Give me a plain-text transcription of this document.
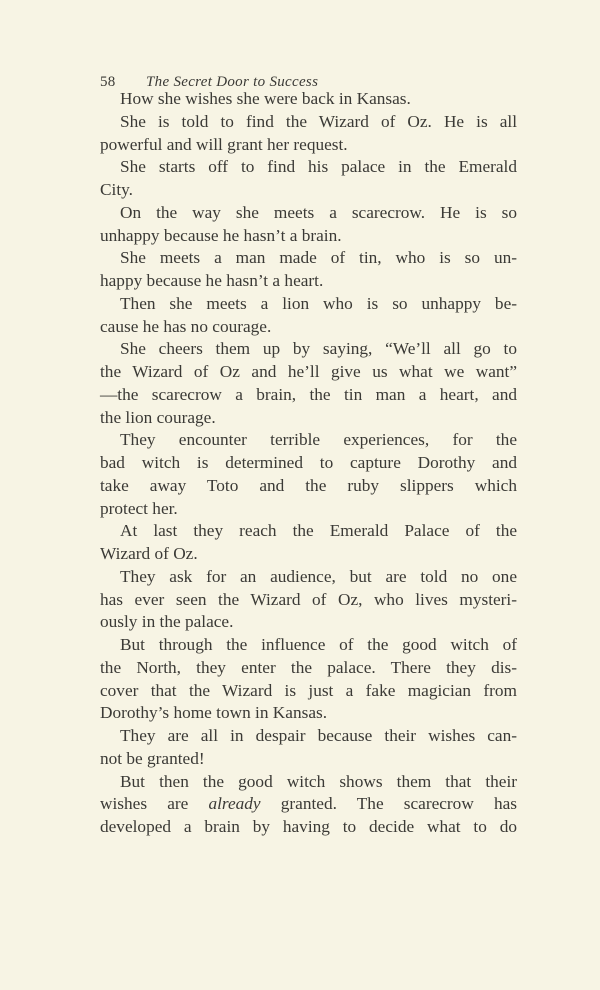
58 The Secret Door to Success
How she wishes she were back in Kansas.
She is told to find the Wizard of Oz. He is all
powerful and will grant her request.
She starts off to find his palace in the Emerald
City.
On the way she meets a scarecrow. He is so
unhappy because he hasn’t a brain.
She meets a man made of tin, who is so un-
happy because he hasn’t a heart.
Then she meets a lion who is so unhappy be-
cause he has no courage.
She cheers them up by saying, “We’ll all go to
the Wizard of Oz and he’ll give us what we want”
—the scarecrow a brain, the tin man a heart, and
the lion courage.
They encounter terrible experiences, for the
bad witch is determined to capture Dorothy and
take away Toto and the ruby slippers which
protect her.
At last they reach the Emerald Palace of the
Wizard of Oz.
They ask for an audience, but are told no one
has ever seen the Wizard of Oz, who lives mysteri-
ously in the palace.
But through the influence of the good witch of
the North, they enter the palace. There they dis-
cover that the Wizard is just a fake magician from
Dorothy’s home town in Kansas.
They are all in despair because their wishes can-
not be granted!
But then the good witch shows them that their
wishes are already granted. The scarecrow has
developed a brain by having to decide what to do
